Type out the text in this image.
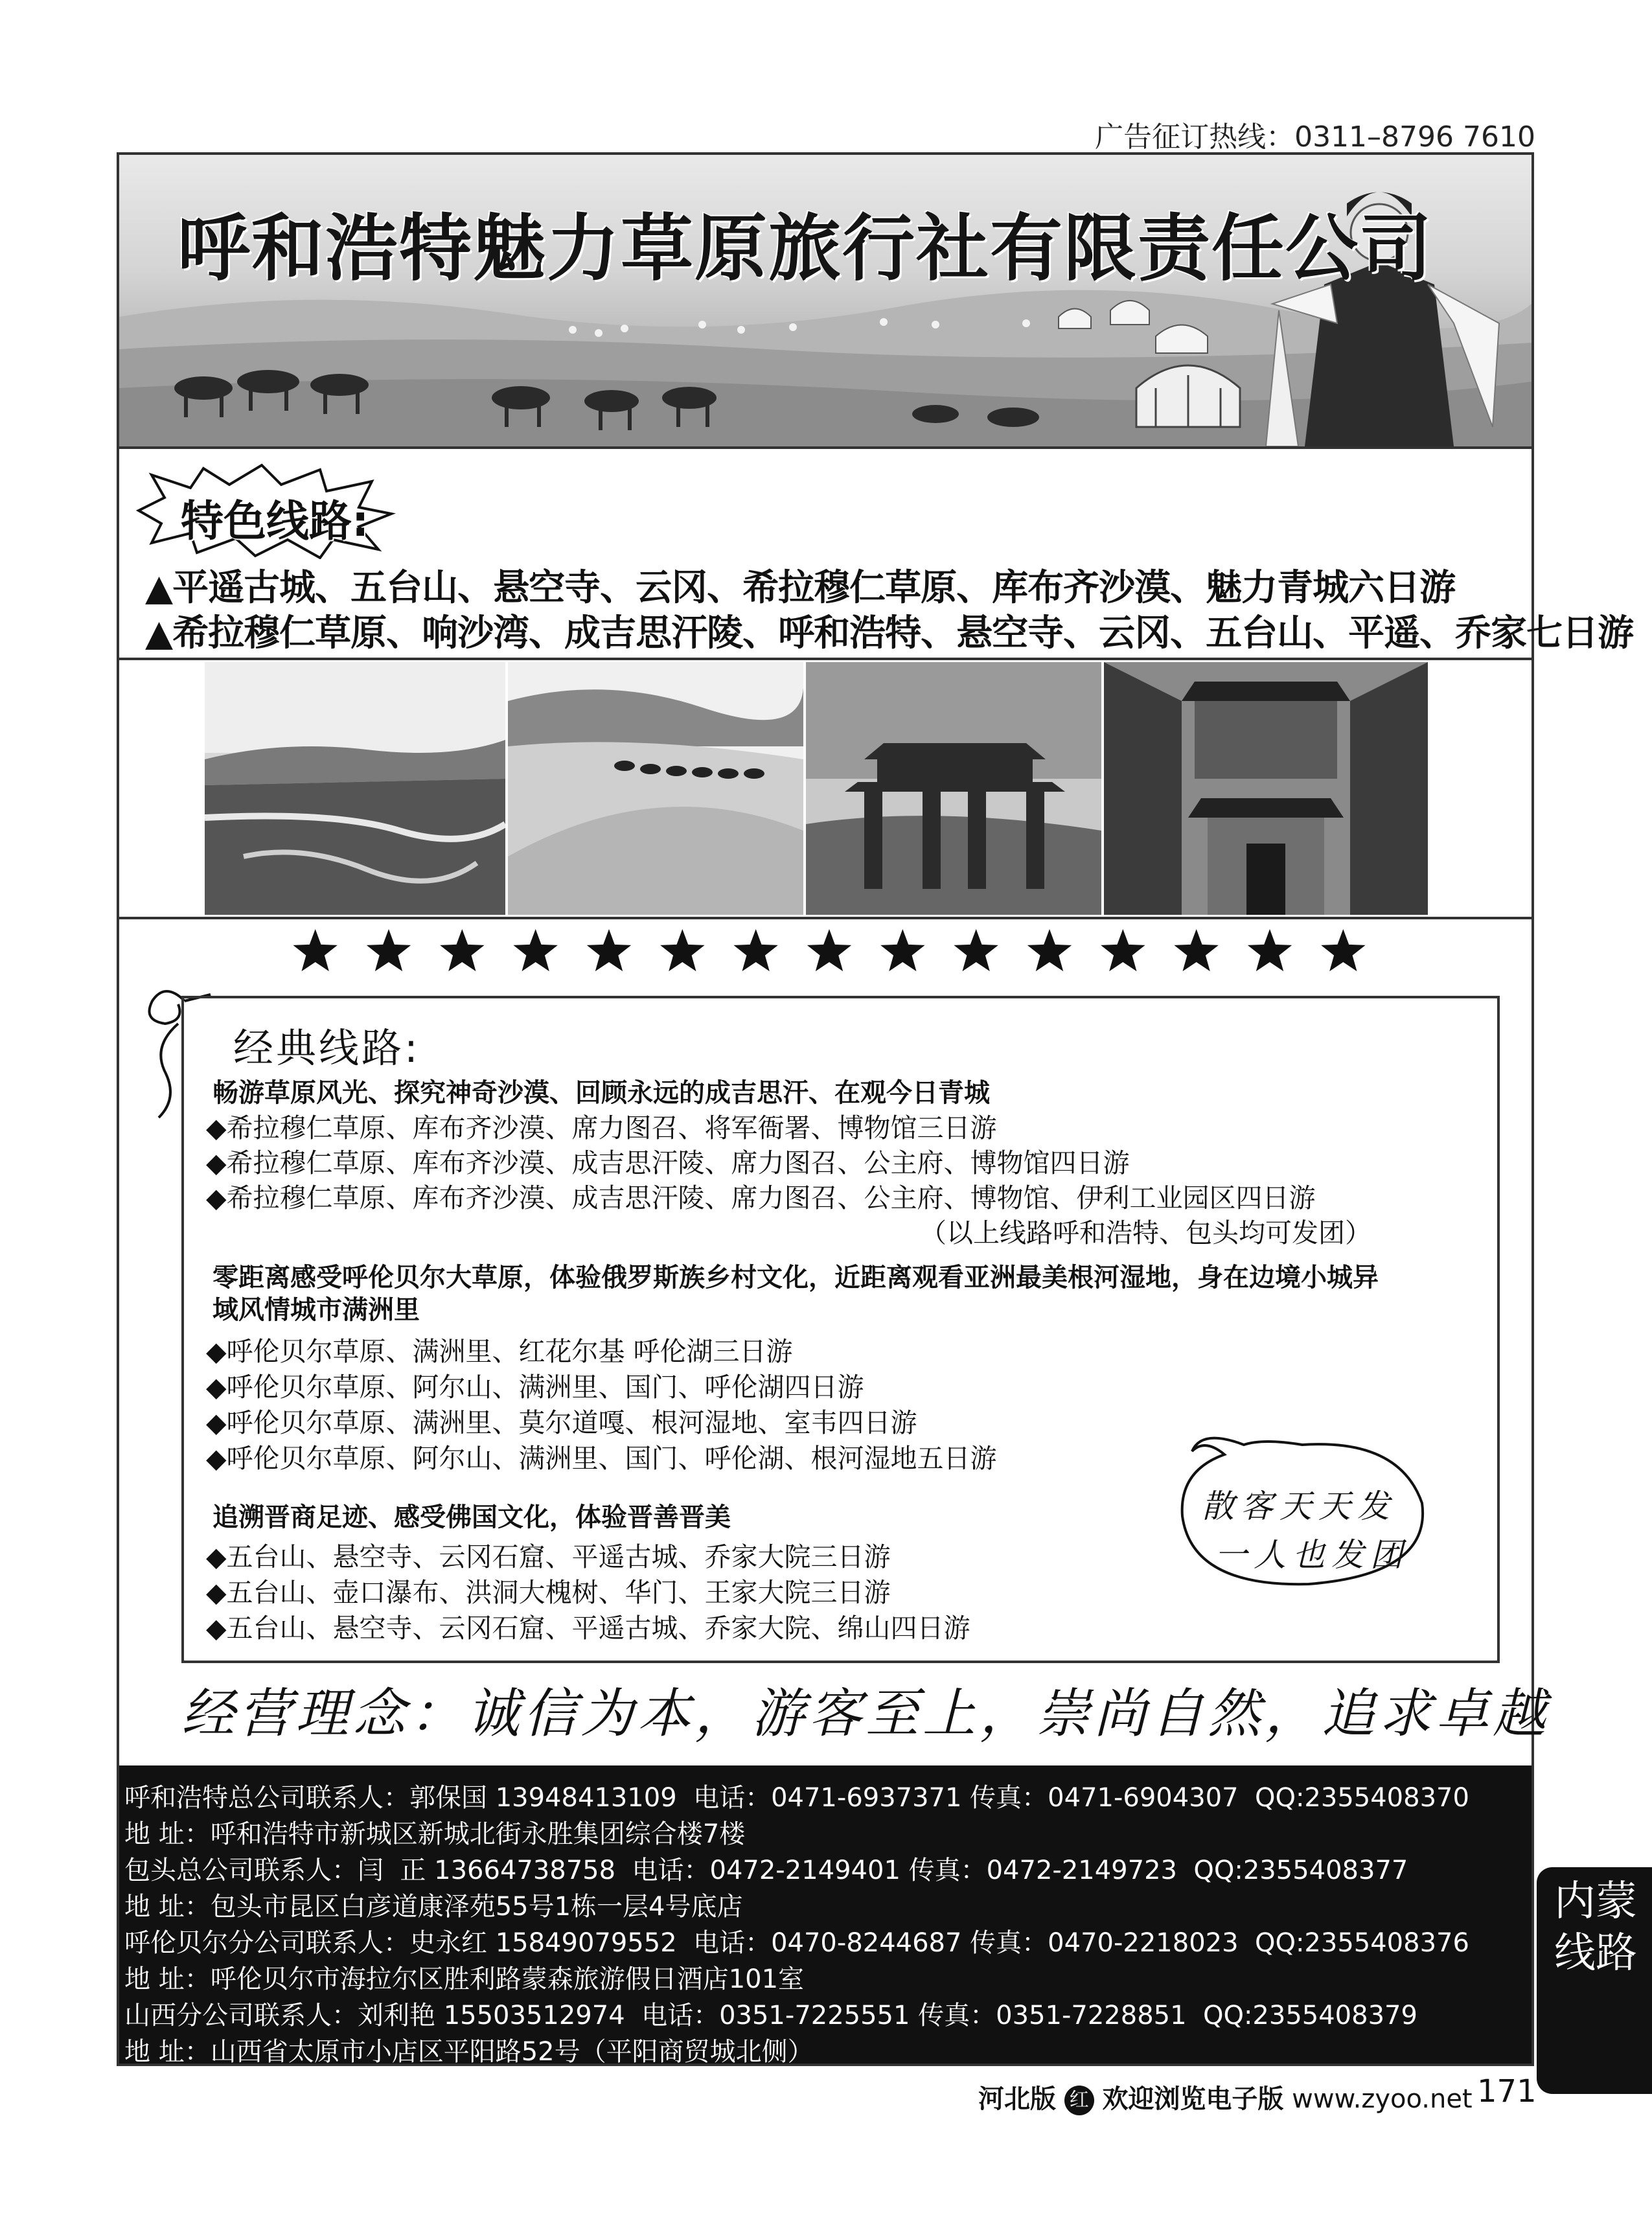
广告征订热线：0311–8796 7610
呼和浩特魅力草原旅行社有限责任公司
特色线路:
▲平遥古城、五台山、悬空寺、云冈、希拉穆仁草原、库布齐沙漠、魅力青城六日游
▲希拉穆仁草原、响沙湾、成吉思汗陵、呼和浩特、悬空寺、云冈、五台山、平遥、乔家七日游
经典线路:
畅游草原风光、探究神奇沙漠、回顾永远的成吉思汗、在观今日青城
◆希拉穆仁草原、库布齐沙漠、席力图召、将军衙署、博物馆三日游
◆希拉穆仁草原、库布齐沙漠、成吉思汗陵、席力图召、公主府、博物馆四日游
◆希拉穆仁草原、库布齐沙漠、成吉思汗陵、席力图召、公主府、博物馆、伊利工业园区四日游
（以上线路呼和浩特、包头均可发团）
零距离感受呼伦贝尔大草原，体验俄罗斯族乡村文化，近距离观看亚洲最美根河湿地，身在边境小城异
域风情城市满洲里
◆呼伦贝尔草原、满洲里、红花尔基 呼伦湖三日游
◆呼伦贝尔草原、阿尔山、满洲里、国门、呼伦湖四日游
◆呼伦贝尔草原、满洲里、莫尔道嘎、根河湿地、室韦四日游
◆呼伦贝尔草原、阿尔山、满洲里、国门、呼伦湖、根河湿地五日游
追溯晋商足迹、感受佛国文化，体验晋善晋美
◆五台山、悬空寺、云冈石窟、平遥古城、乔家大院三日游
◆五台山、壶口瀑布、洪洞大槐树、华门、王家大院三日游
◆五台山、悬空寺、云冈石窟、平遥古城、乔家大院、绵山四日游
散客天天发
一人也发团
经营理念：诚信为本，游客至上，崇尚自然，追求卓越
呼和浩特总公司联系人：郭保国 13948413109  电话：0471-6937371 传真：0471-6904307  QQ:2355408370
地 址：呼和浩特市新城区新城北街永胜集团综合楼7楼
包头总公司联系人：闫  正 13664738758  电话：0472-2149401 传真：0472-2149723  QQ:2355408377
地 址：包头市昆区白彦道康泽苑55号1栋一层4号底店
呼伦贝尔分公司联系人：史永红 15849079552  电话：0470-8244687 传真：0470-2218023  QQ:2355408376
地 址：呼伦贝尔市海拉尔区胜利路蒙森旅游假日酒店101室
山西分公司联系人：刘利艳 15503512974  电话：0351-7225551 传真：0351-7228851  QQ:2355408379
地 址：山西省太原市小店区平阳路52号（平阳商贸城北侧）
内蒙线路
河北版 红 欢迎浏览电子版 www.zyoo.net 171
